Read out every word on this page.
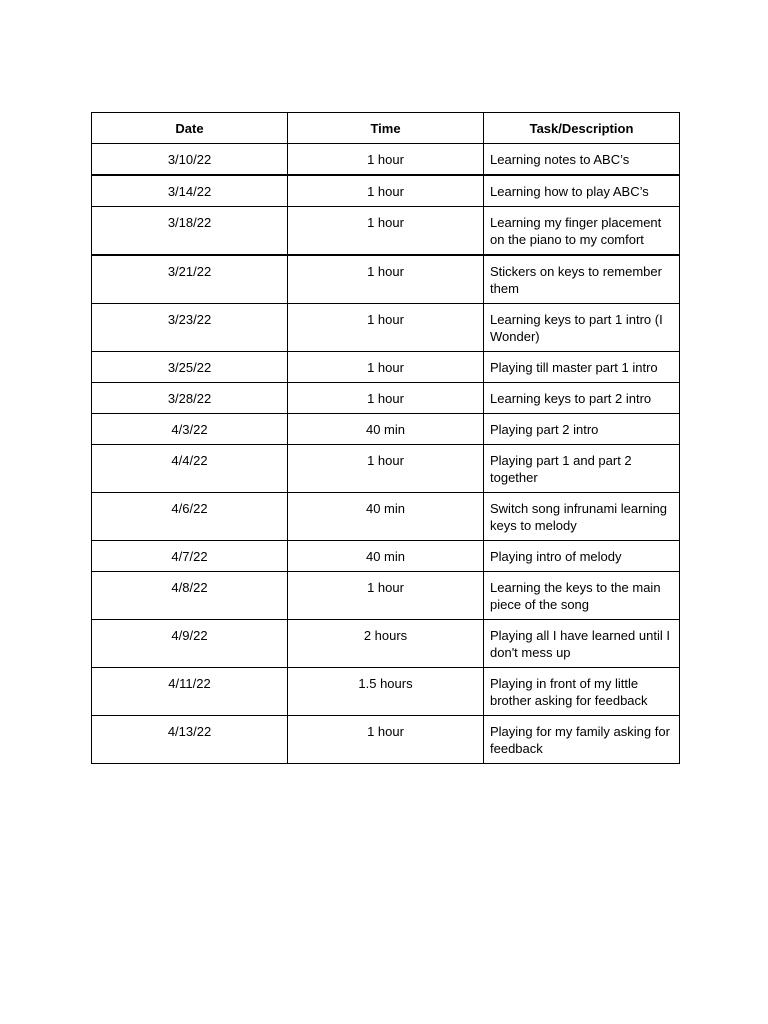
Date	Time	Task/Description
3/10/22	1 hour	Learning notes to ABC’s
3/14/22	1 hour	Learning how to play ABC’s
3/18/22	1 hour	Learning my finger placement on the piano to my comfort
3/21/22	1 hour	Stickers on keys to remember them
3/23/22	1 hour	Learning keys to part 1 intro (I Wonder)
3/25/22	1 hour	Playing till master part 1 intro
3/28/22	1 hour	Learning keys to part 2 intro
4/3/22	40 min	Playing part 2 intro
4/4/22	1 hour	Playing part 1 and part 2 together
4/6/22	40 min	Switch song infrunami learning keys to melody
4/7/22	40 min	Playing intro of melody
4/8/22	1 hour	Learning the keys to the main piece of the song
4/9/22	2 hours	Playing all I have learned until I don't mess up
4/11/22	1.5 hours	Playing in front of my little brother asking for feedback
4/13/22	1 hour	Playing for my family asking for feedback
